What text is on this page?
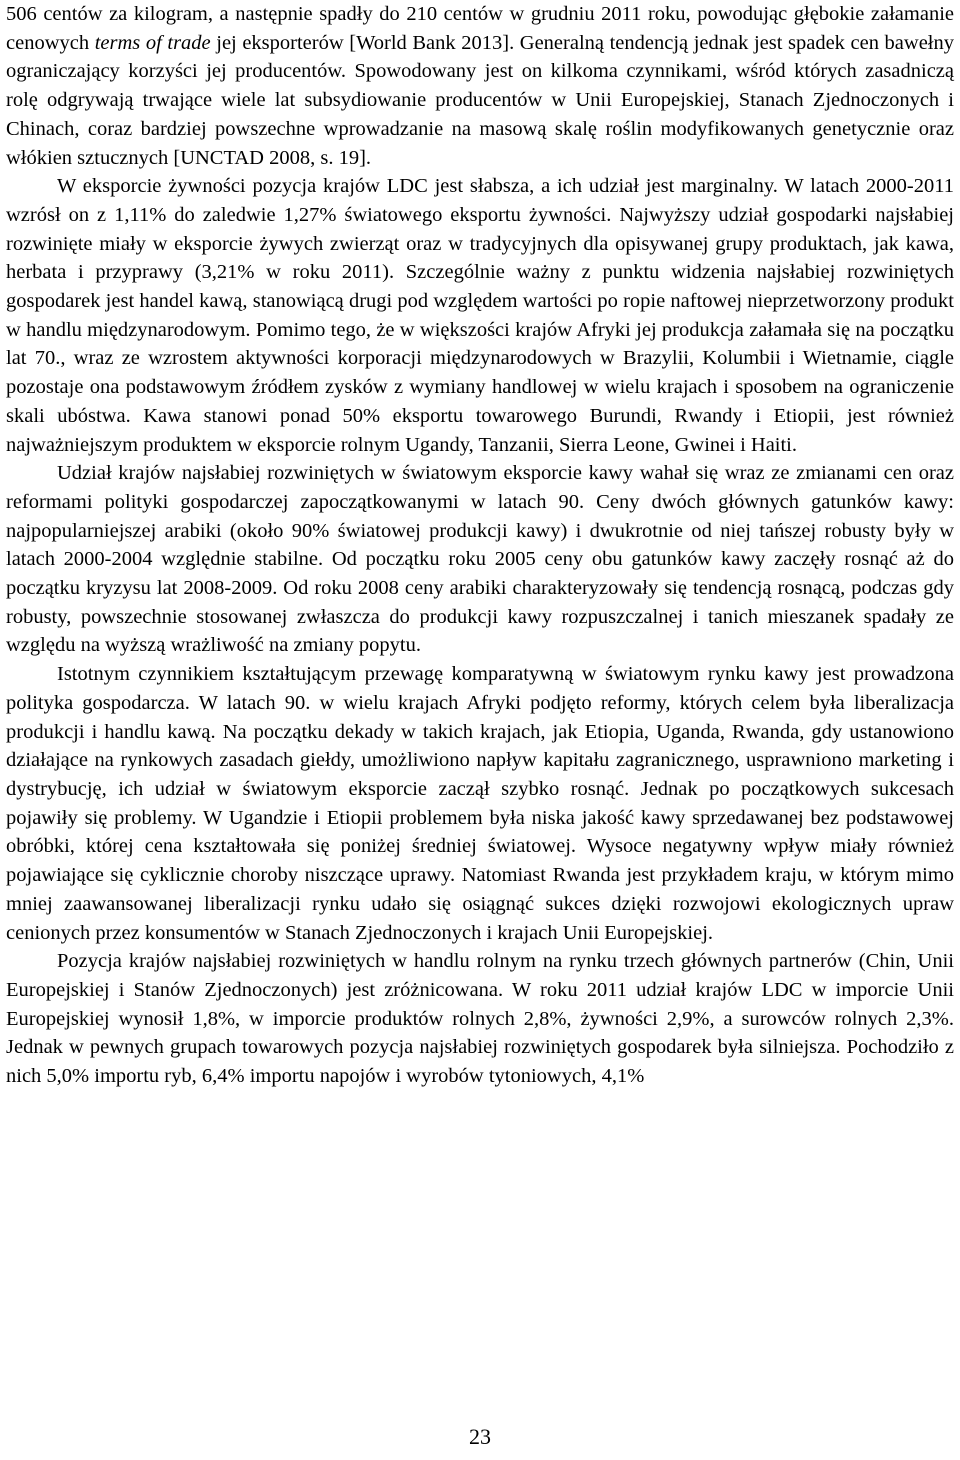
506 centów za kilogram, a następnie spadły do 210 centów w grudniu 2011 roku, powodując głębokie załamanie cenowych terms of trade jej eksporterów [World Bank 2013]. Generalną tendencją jednak jest spadek cen bawełny ograniczający korzyści jej producentów. Spowodowany jest on kilkoma czynnikami, wśród których zasadniczą rolę odgrywają trwające wiele lat subsydiowanie producentów w Unii Europejskiej, Stanach Zjednoczonych i Chinach, coraz bardziej powszechne wprowadzanie na masową skalę roślin modyfikowanych genetycznie oraz włókien sztucznych [UNCTAD 2008, s. 19].

W eksporcie żywności pozycja krajów LDC jest słabsza, a ich udział jest marginalny. W latach 2000-2011 wzrósł on z 1,11% do zaledwie 1,27% światowego eksportu żywności. Najwyższy udział gospodarki najsłabiej rozwinięte miały w eksporcie żywych zwierząt oraz w tradycyjnych dla opisywanej grupy produktach, jak kawa, herbata i przyprawy (3,21% w roku 2011). Szczególnie ważny z punktu widzenia najsłabiej rozwiniętych gospodarek jest handel kawą, stanowiącą drugi pod względem wartości po ropie naftowej nieprzetworzony produkt w handlu międzynarodowym. Pomimo tego, że w większości krajów Afryki jej produkcja załamała się na początku lat 70., wraz ze wzrostem aktywności korporacji międzynarodowych w Brazylii, Kolumbii i Wietnamie, ciągle pozostaje ona podstawowym źródłem zysków z wymiany handlowej w wielu krajach i sposobem na ograniczenie skali ubóstwa. Kawa stanowi ponad 50% eksportu towarowego Burundi, Rwandy i Etiopii, jest również najważniejszym produktem w eksporcie rolnym Ugandy, Tanzanii, Sierra Leone, Gwinei i Haiti.

Udział krajów najsłabiej rozwiniętych w światowym eksporcie kawy wahał się wraz ze zmianami cen oraz reformami polityki gospodarczej zapoczątkowanymi w latach 90. Ceny dwóch głównych gatunków kawy: najpopularniejszej arabiki (około 90% światowej produkcji kawy) i dwukrotnie od niej tańszej robusty były w latach 2000-2004 względnie stabilne. Od początku roku 2005 ceny obu gatunków kawy zaczęły rosnąć aż do początku kryzysu lat 2008-2009. Od roku 2008 ceny arabiki charakteryzowały się tendencją rosnącą, podczas gdy robusty, powszechnie stosowanej zwłaszcza do produkcji kawy rozpuszczalnej i tanich mieszanek spadały ze względu na wyższą wrażliwość na zmiany popytu.

Istotnym czynnikiem kształtującym przewagę komparatywną w światowym rynku kawy jest prowadzona polityka gospodarcza. W latach 90. w wielu krajach Afryki podjęto reformy, których celem była liberalizacja produkcji i handlu kawą. Na początku dekady w takich krajach, jak Etiopia, Uganda, Rwanda, gdy ustanowiono działające na rynkowych zasadach giełdy, umożliwiono napływ kapitału zagranicznego, usprawniono marketing i dystrybucję, ich udział w światowym eksporcie zaczął szybko rosnąć. Jednak po początkowych sukcesach pojawiły się problemy. W Ugandzie i Etiopii problemem była niska jakość kawy sprzedawanej bez podstawowej obróbki, której cena kształtowała się poniżej średniej światowej. Wysoce negatywny wpływ miały również pojawiające się cyklicznie choroby niszczące uprawy. Natomiast Rwanda jest przykładem kraju, w którym mimo mniej zaawansowanej liberalizacji rynku udało się osiągnąć sukces dzięki rozwojowi ekologicznych upraw cenionych przez konsumentów w Stanach Zjednoczonych i krajach Unii Europejskiej.

Pozycja krajów najsłabiej rozwiniętych w handlu rolnym na rynku trzech głównych partnerów (Chin, Unii Europejskiej i Stanów Zjednoczonych) jest zróżnicowana. W roku 2011 udział krajów LDC w imporcie Unii Europejskiej wynosił 1,8%, w imporcie produktów rolnych 2,8%, żywności 2,9%, a surowców rolnych 2,3%. Jednak w pewnych grupach towarowych pozycja najsłabiej rozwiniętych gospodarek była silniejsza. Pochodziło z nich 5,0% importu ryb, 6,4% importu napojów i wyrobów tytoniowych, 4,1%

23
